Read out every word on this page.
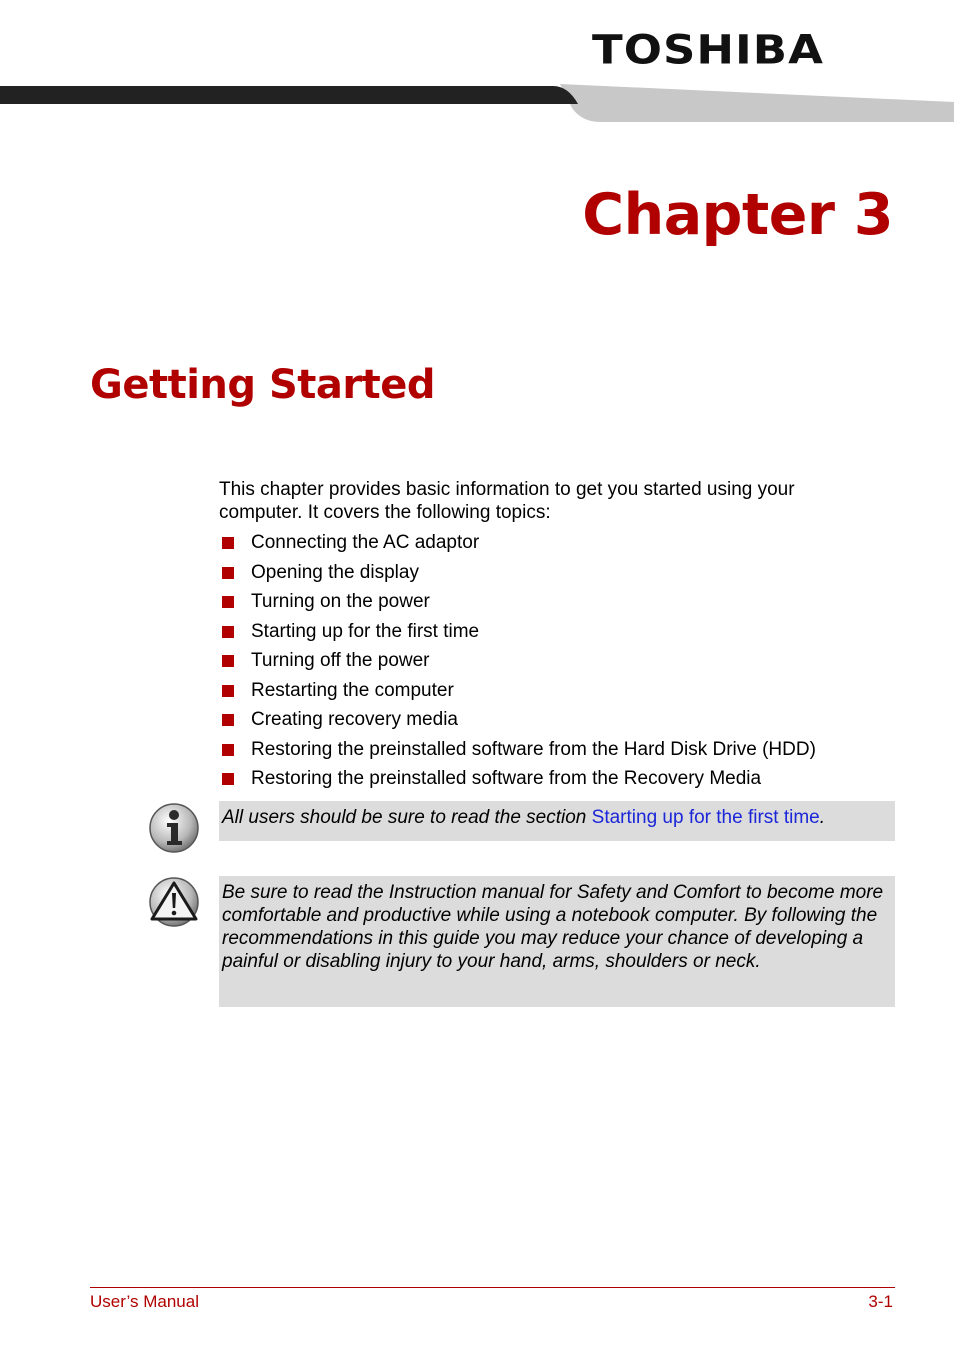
TOSHIBA
Chapter 3
Getting Started

This chapter provides basic information to get you started using your computer. It covers the following topics:

Connecting the AC adaptor
Opening the display
Turning on the power
Starting up for the first time
Turning off the power
Restarting the computer
Creating recovery media
Restoring the preinstalled software from the Hard Disk Drive (HDD)
Restoring the preinstalled software from the Recovery Media
All users should be sure to read the section Starting up for the first time.
Be sure to read the Instruction manual for Safety and Comfort to become more comfortable and productive while using a notebook computer. By following the recommendations in this guide you may reduce your chance of developing a painful or disabling injury to your hand, arms, shoulders or neck.
User’s Manual	3-1
